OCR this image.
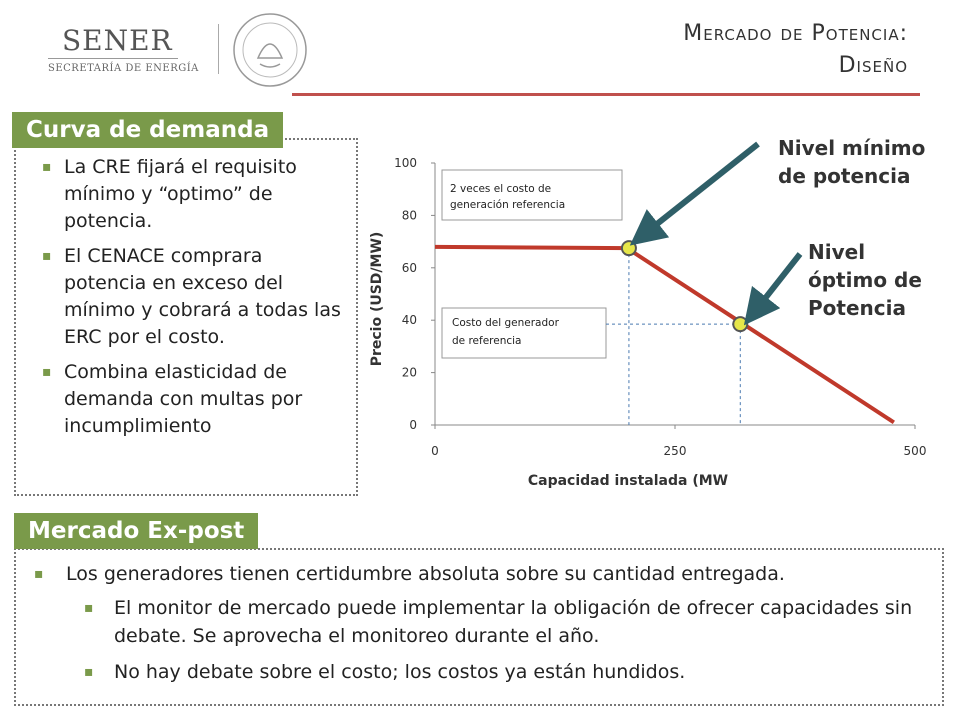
SENER
SECRETARÍA DE ENERGÍA
Mercado de Potencia:
Diseño
Curva de demanda
▪ La CRE fijará el requisito mínimo y “optimo” de potencia.
▪ El CENACE comprara potencia en exceso del mínimo y cobrará a todas las ERC por el costo.
▪ Combina elasticidad de demanda con multas por incumplimiento	0
20
40
60
80
100
0	250	500
Capacidad instalada (MW
Precio (USD/MW)
2 veces el costo de
generación referencia
Costo del generador
de referencia
Nivel mínimo de potencia
Nivel óptimo de Potencia
Mercado Ex-post
▪ Los generadores tienen certidumbre absoluta sobre su cantidad entregada.
▪ El monitor de mercado puede implementar la obligación de ofrecer capacidades sin debate. Se aprovecha el monitoreo durante el año.
▪ No hay debate sobre el costo; los costos ya están hundidos.
